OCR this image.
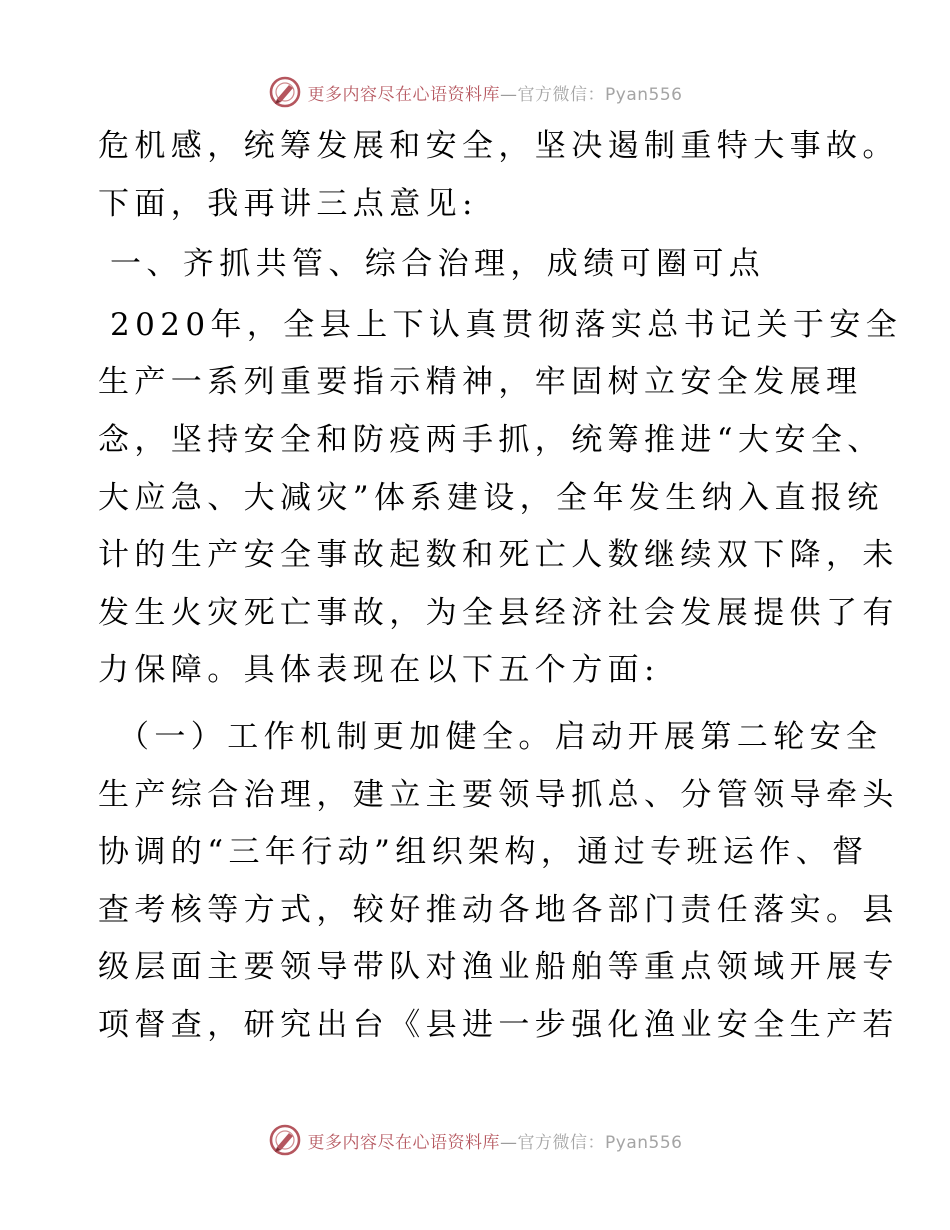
更多内容尽在心语资料库—官方微信：Pyan556
危机感，统筹发展和安全，坚决遏制重特大事故。
下面，我再讲三点意见:
一、齐抓共管、综合治理，成绩可圈可点
2020年，全县上下认真贯彻落实总书记关于安全
生产一系列重要指示精神，牢固树立安全发展理
念，坚持安全和防疫两手抓，统筹推进“大安全、
大应急、大减灾”体系建设，全年发生纳入直报统
计的生产安全事故起数和死亡人数继续双下降，未
发生火灾死亡事故，为全县经济社会发展提供了有
力保障。具体表现在以下五个方面:
（一）工作机制更加健全。启动开展第二轮安全
生产综合治理，建立主要领导抓总、分管领导牵头
协调的“三年行动”组织架构，通过专班运作、督
查考核等方式，较好推动各地各部门责任落实。县
级层面主要领导带队对渔业船舶等重点领域开展专
项督查，研究出台《县进一步强化渔业安全生产若
更多内容尽在心语资料库—官方微信：Pyan556
